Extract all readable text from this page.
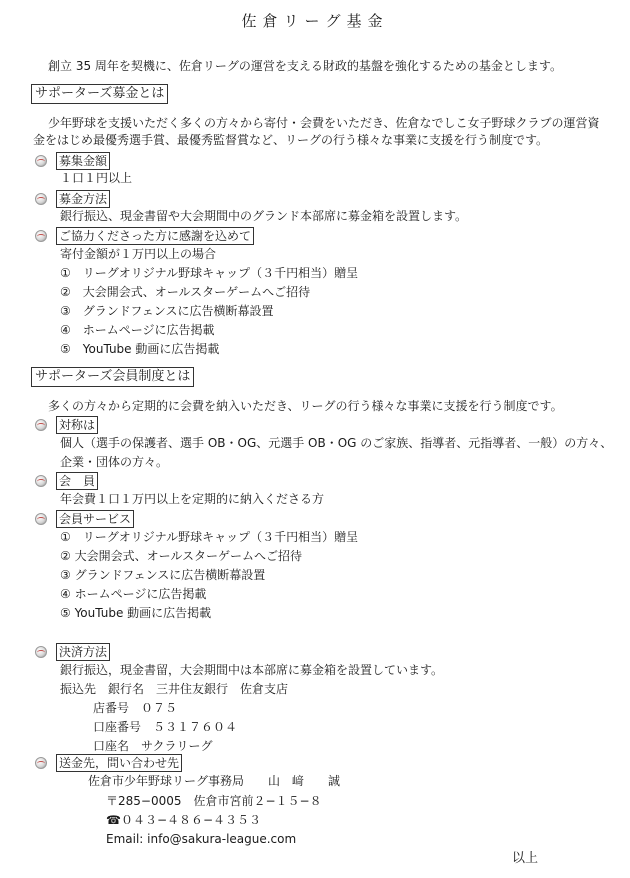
佐倉リーグ基金
創立 35 周年を契機に、佐倉リーグの運営を支える財政的基盤を強化するための基金とします。
サポーターズ募金とは
少年野球を支援いただく多くの方々から寄付・会費をいただき、佐倉なでしこ女子野球クラブの運営資
金をはじめ最優秀選手賞、最優秀監督賞など、リーグの行う様々な事業に支援を行う制度です。
募集金額
１口１円以上
募金方法
銀行振込、現金書留や大会期間中のグランド本部席に募金箱を設置します。
ご協力くださった方に感謝を込めて
寄付金額が１万円以上の場合
①　リーグオリジナル野球キャップ（３千円相当）贈呈
②　大会開会式、オールスターゲームへご招待
③　グランドフェンスに広告横断幕設置
④　ホームページに広告掲載
⑤　YouTube 動画に広告掲載
サポーターズ会員制度とは
多くの方々から定期的に会費を納入いただき、リーグの行う様々な事業に支援を行う制度です。
対称は
個人（選手の保護者、選手 OB・OG、元選手 OB・OG のご家族、指導者、元指導者、一般）の方々、
企業・団体の方々。
会　員
年会費１口１万円以上を定期的に納入くださる方
会員サービス
①　リーグオリジナル野球キャップ（３千円相当）贈呈
② 大会開会式、オールスターゲームへご招待
③ グランドフェンスに広告横断幕設置
④ ホームページに広告掲載
⑤ YouTube 動画に広告掲載
決済方法
銀行振込，現金書留，大会期間中は本部席に募金箱を設置しています。
振込先　銀行名　三井住友銀行　佐倉支店
店番号　０７５
口座番号　５３１７６０４
口座名　サクラリーグ
送金先，問い合わせ先
佐倉市少年野球リーグ事務局　　山　﨑　　誠
〒285−0005　佐倉市宮前２−１５−８
☎０４３−４８６−４３５３
Email: info@sakura-league.com
以上
